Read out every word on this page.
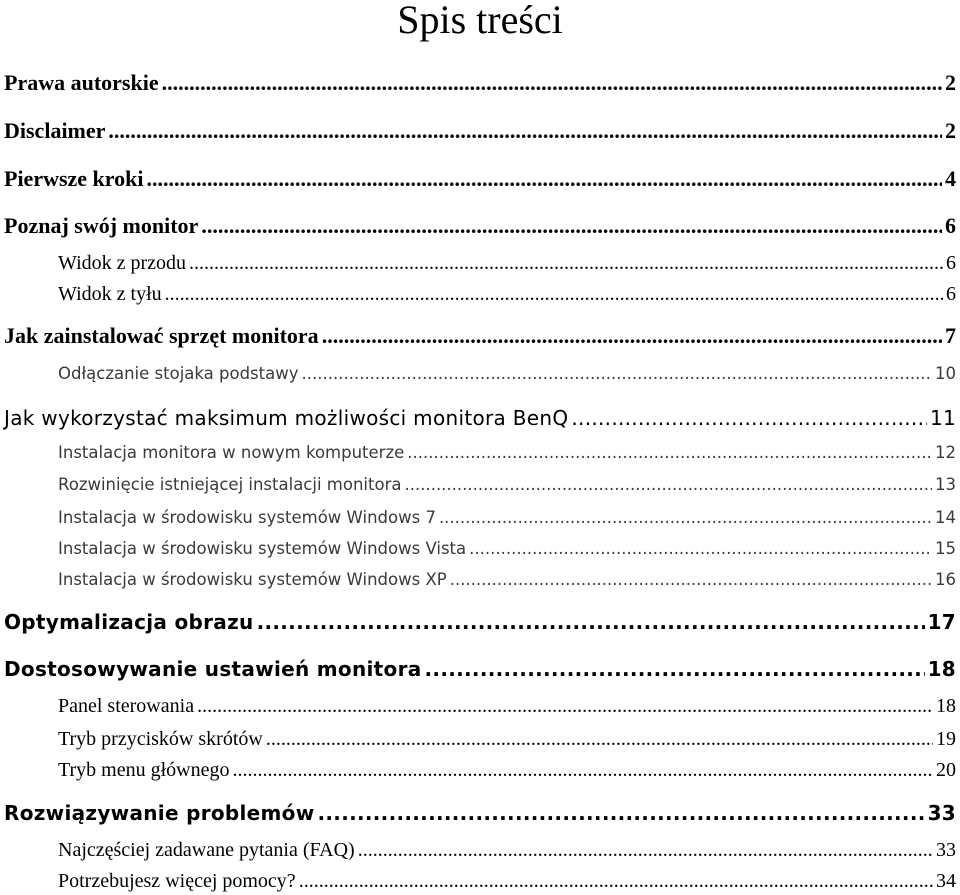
Spis treści
Prawa autorskie .....	2
Disclaimer .....	2
Pierwsze kroki .....	4
Poznaj swój monitor .....	6
Widok z przodu .....	6
Widok z tyłu .....	6
Jak zainstalować sprzęt monitora .....	7
Odłączanie stojaka podstawy .....	10
Jak wykorzystać maksimum możliwości monitora BenQ .....	11
Instalacja monitora w nowym komputerze .....	12
Rozwinięcie istniejącej instalacji monitora .....	13
Instalacja w środowisku systemów Windows 7 .....	14
Instalacja w środowisku systemów Windows Vista .....	15
Instalacja w środowisku systemów Windows XP .....	16
Optymalizacja obrazu .....	17
Dostosowywanie ustawień monitora .....	18
Panel sterowania .....	18
Tryb przycisków skrótów .....	19
Tryb menu głównego .....	20
Rozwiązywanie problemów .....	33
Najczęściej zadawane pytania (FAQ) .....	33
Potrzebujesz więcej pomocy? .....	34
